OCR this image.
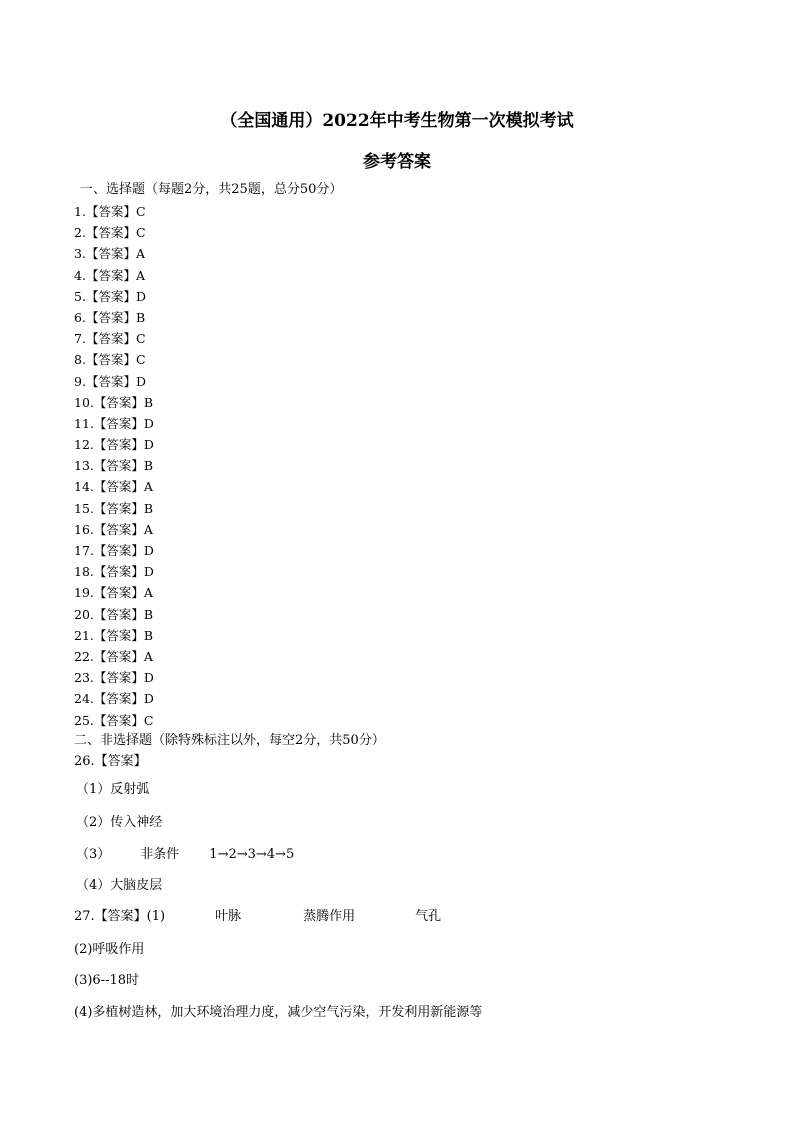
（全国通用）2022年中考生物第一次模拟考试
参考答案
一、选择题（每题2分，共25题，总分50分）
1.【答案】C
2.【答案】C
3.【答案】A
4.【答案】A
5.【答案】D
6.【答案】B
7.【答案】C
8.【答案】C
9.【答案】D
10.【答案】B
11.【答案】D
12.【答案】D
13.【答案】B
14.【答案】A
15.【答案】B
16.【答案】A
17.【答案】D
18.【答案】D
19.【答案】A
20.【答案】B
21.【答案】B
22.【答案】A
23.【答案】D
24.【答案】D
25.【答案】C
二、非选择题（除特殊标注以外，每空2分，共50分）
26.【答案】
（1）反射弧
（2）传入神经
（3） 非条件 1→2→3→4→5
（4）大脑皮层
27.【答案】(1)	叶脉	蒸腾作用	气孔
(2)呼吸作用
(3)6--18时
(4)多植树造林，加大环境治理力度，减少空气污染，开发利用新能源等
